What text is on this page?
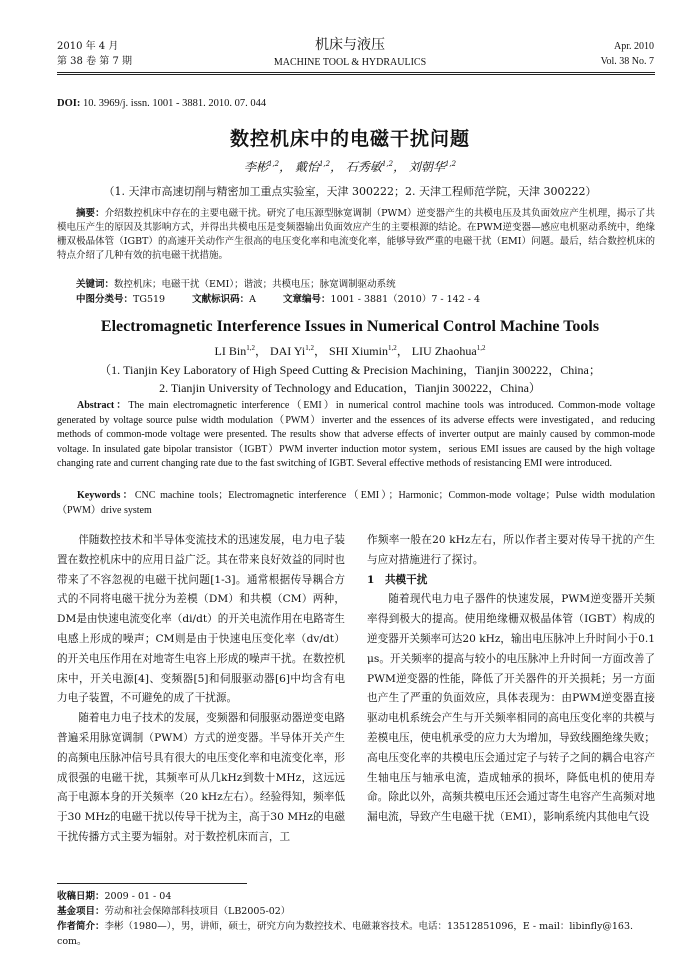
2010 年 4 月
第 38 卷 第 7 期
机床与液压
MACHINE TOOL & HYDRAULICS
Apr. 2010
Vol. 38 No. 7
DOI: 10. 3969/j. issn. 1001 - 3881. 2010. 07. 044
数控机床中的电磁干扰问题
李彬$^{1,2}$， 戴怡$^{1,2}$， 石秀敏$^{1,2}$， 刘朝华$^{1,2}$
（1. 天津市高速切削与精密加工重点实验室，天津 300222；2. 天津工程师范学院，天津 300222）
摘要：介绍数控机床中存在的主要电磁干扰。研究了电压源型脉宽调制（PWM）逆变器产生的共模电压及其负面效应产生机理，揭示了共模电压产生的原因及其影响方式，并得出共模电压是变频器输出负面效应产生的主要根源的结论。在PWM逆变器—感应电机驱动系统中，绝缘栅双极晶体管（IGBT）的高速开关动作产生很高的电压变化率和电流变化率，能够导致严重的电磁干扰（EMI）问题。最后，结合数控机床的特点介绍了几种有效的抗电磁干扰措施。
关键词：数控机床；电磁干扰（EMI）；谐波；共模电压；脉宽调制驱动系统
中图分类号：TG519	文献标识码：A	文章编号：1001 - 3881（2010）7 - 142 - 4
Electromagnetic Interference Issues in Numerical Control Machine Tools
LI Bin$^{1,2}$， DAI Yi$^{1,2}$， SHI Xiumin$^{1,2}$， LIU Zhaohua$^{1,2}$
（1. Tianjin Key Laboratory of High Speed Cutting & Precision Machining，Tianjin 300222，China；
2. Tianjin University of Technology and Education，Tianjin 300222，China）
Abstract：The main electromagnetic interference（EMI）in numerical control machine tools was introduced. Common-mode voltage generated by voltage source pulse width modulation（PWM）inverter and the essences of its adverse effects were investigated，and reducing methods of common-mode voltage were presented. The results show that adverse effects of inverter output are mainly caused by common-mode voltage. In insulated gate bipolar transistor（IGBT）PWM inverter induction motor system，serious EMI issues are caused by the high voltage changing rate and current changing rate due to the fast switching of IGBT. Several effective methods of resistancing EMI were introduced.
Keywords：CNC machine tools；Electromagnetic interference（EMI）；Harmonic；Common-mode voltage；Pulse width modulation（PWM）drive system

伴随数控技术和半导体变流技术的迅速发展，电力电子装置在数控机床中的应用日益广泛。其在带来良好效益的同时也带来了不容忽视的电磁干扰问题[1-3]。通常根据传导耦合方式的不同将电磁干扰分为差模（DM）和共模（CM）两种，DM是由快速电流变化率（di/dt）的开关电流作用在电路寄生电感上形成的噪声；CM则是由于快速电压变化率（dv/dt）的开关电压作用在对地寄生电容上形成的噪声干扰。在数控机床中，开关电源[4]、变频器[5]和伺服驱动器[6]中均含有电力电子装置，不可避免的成了干扰源。

随着电力电子技术的发展，变频器和伺服驱动器逆变电路普遍采用脉宽调制（PWM）方式的逆变器。半导体开关产生的高频电压脉冲信号具有很大的电压变化率和电流变化率，形成很强的电磁干扰，其频率可从几kHz到数十MHz，这远远高于电源本身的开关频率（20 kHz左右）。经验得知，频率低于30 MHz的电磁干扰以传导干扰为主，高于30 MHz的电磁干扰传播方式主要为辐射。对于数控机床而言，工

作频率一般在20 kHz左右，所以作者主要对传导干扰的产生与应对措施进行了探讨。

1　共模干扰

随着现代电力电子器件的快速发展，PWM逆变器开关频率得到极大的提高。使用绝缘栅双极晶体管（IGBT）构成的逆变器开关频率可达20 kHz，输出电压脉冲上升时间小于0.1 μs。开关频率的提高与较小的电压脉冲上升时间一方面改善了PWM逆变器的性能，降低了开关器件的开关损耗；另一方面也产生了严重的负面效应，具体表现为：由PWM逆变器直接驱动电机系统会产生与开关频率相同的高电压变化率的共模与差模电压，使电机承受的应力大为增加，导致线圈绝缘失败；高电压变化率的共模电压会通过定子与转子之间的耦合电容产生轴电压与轴承电流，造成轴承的损坏，降低电机的使用寿命。除此以外，高频共模电压还会通过寄生电容产生高频对地漏电流，导致产生电磁干扰（EMI），影响系统内其他电气设

收稿日期：2009 - 01 - 04
基金项目：劳动和社会保障部科技项目（LB2005-02）
作者简介：李彬（1980—），男，讲师，硕士，研究方向为数控技术、电磁兼容技术。电话：13512851096，E - mail：libinfly@163. com。
